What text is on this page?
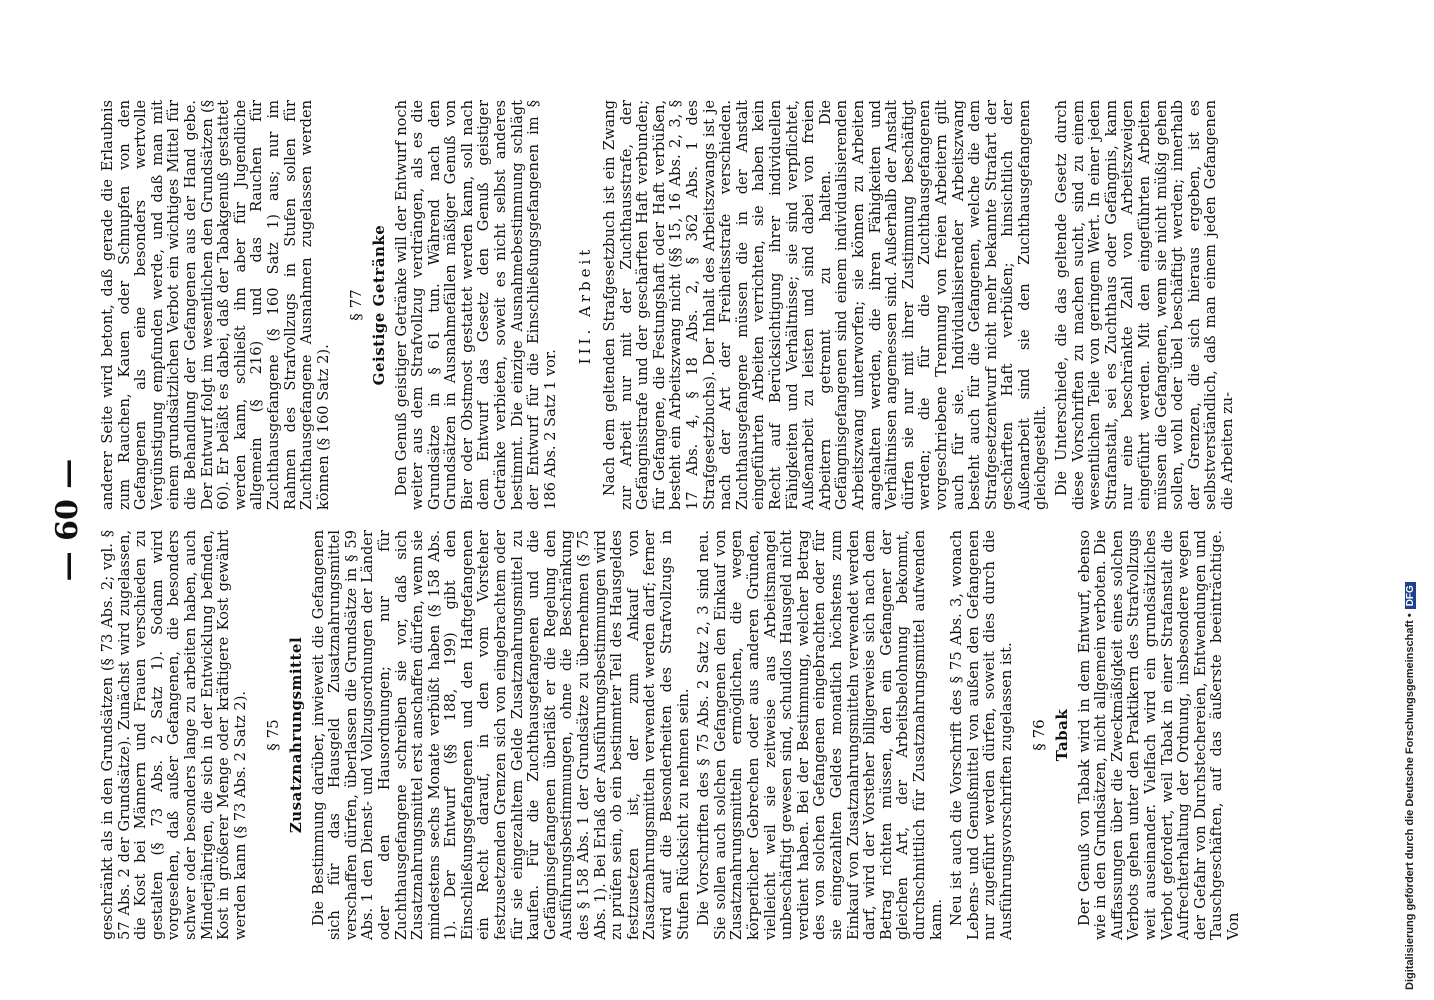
— 60 —

geschränkt als in den Grundsätzen (§ 73 Abs. 2; vgl. § 57 Abs. 2 der Grundsätze). Zunächst wird zugelassen, die Kost bei Männern und Frauen verschieden zu gestalten (§ 73 Abs. 2 Satz 1). Sodann wird vorgesehen, daß außer Gefangenen, die besonders schwer oder besonders lange zu arbeiten haben, auch Minderjährigen, die sich in der Entwicklung befinden, Kost in größerer Menge oder kräftigere Kost gewährt werden kann (§ 73 Abs. 2 Satz 2). § 75 Zusatznahrungsmittel Die Bestimmung darüber, inwieweit die Gefangenen sich für das Hausgeld Zusatznahrungsmittel verschaffen dürfen, überlassen die Grundsätze in § 59 Abs. 1 den Dienst- und Vollzugsordnungen der Länder oder den Hausordnungen; nur für Zuchthausgefangene schreiben sie vor, daß sich Zusatznahrungsmittel erst anschaffen dürfen, wenn sie mindestens sechs Monate verbüßt haben (§ 158 Abs. 1). Der Entwurf (§§ 188, 199) gibt den Einschließungsgefangenen und den Haftgefangenen ein Recht darauf, in den vom Vorsteher festzusetzenden Grenzen sich von eingebrachtem oder für sie eingezahltem Gelde Zusatznahrungsmittel zu kaufen. Für die Zuchthausgefangenen und die Gefängnisgefangenen überläßt er die Regelung den Ausführungsbestimmungen, ohne die Beschränkung des § 158 Abs. 1 der Grundsätze zu übernehmen (§ 75 Abs. 1). Bei Erlaß der Ausführungsbestimmungen wird zu prüfen sein, ob ein bestimmter Teil des Hausgeldes festzusetzen ist, der zum Ankauf von Zusatznahrungsmitteln verwendet werden darf; ferner wird auf die Besonderheiten des Strafvollzugs in Stufen Rücksicht zu nehmen sein. Die Vorschriften des § 75 Abs. 2 Satz 2, 3 sind neu. Sie sollen auch solchen Gefangenen den Einkauf von Zusatznahrungsmitteln ermöglichen, die wegen körperlicher Gebrechen oder aus anderen Gründen, vielleicht weil sie zeitweise aus Arbeitsmangel unbeschäftigt gewesen sind, schuldlos Hausgeld nicht verdient haben. Bei der Bestimmung, welcher Betrag des von solchen Gefangenen eingebrachten oder für sie eingezahlten Geldes monatlich höchstens zum Einkauf von Zusatznahrungsmitteln verwendet werden darf, wird der Vorsteher billigerweise sich nach dem Betrag richten müssen, den ein Gefangener der gleichen Art, der Arbeitsbelohnung bekommt, durchschnittlich für Zusatznahrungsmittel aufwenden kann. Neu ist auch die Vorschrift des § 75 Abs. 3, wonach Lebens- und Genußmittel von außen den Gefangenen nur zugeführt werden dürfen, soweit dies durch die Ausführungsvorschriften zugelassen ist. § 76 Tabak Der Genuß von Tabak wird in dem Entwurf, ebenso wie in den Grundsätzen, nicht allgemein verboten. Die Auffassungen über die Zweckmäßigkeit eines solchen Verbots gehen unter den Praktikern des Strafvollzugs weit auseinander. Vielfach wird ein grundsätzliches Verbot gefordert, weil Tabak in einer Strafanstalt die Aufrechterhaltung der Ordnung, insbesondere wegen der Gefahr von Durchstechereien, Entwendungen und Tauschgeschäften, auf das äußerste beeinträchtige. Von

anderer Seite wird betont, daß gerade die Erlaubnis zum Rauchen, Kauen oder Schnupfen von den Gefangenen als eine besonders wertvolle Vergünstigung empfunden werde, und daß man mit einem grundsätzlichen Verbot ein wichtiges Mittel für die Behandlung der Gefangenen aus der Hand gebe. Der Entwurf folgt im wesentlichen den Grundsätzen (§ 60). Er beläßt es dabei, daß der Tabakgenuß gestattet werden kann, schließt ihn aber für Jugendliche allgemein (§ 216) und das Rauchen für Zuchthausgefangene (§ 160 Satz 1) aus; nur im Rahmen des Strafvollzugs in Stufen sollen für Zuchthausgefangene Ausnahmen zugelassen werden können (§ 160 Satz 2).

§ 77 Geistige Getränke Den Genuß geistiger Getränke will der Entwurf noch weiter aus dem Strafvollzug verdrängen, als es die Grundsätze in § 61 tun. Während nach den Grundsätzen in Ausnahmefällen mäßiger Genuß von Bier oder Obstmost gestattet werden kann, soll nach dem Entwurf das Gesetz den Genuß geistiger Getränke verbieten, soweit es nicht selbst anderes bestimmt. Die einzige Ausnahmebestimmung schlägt der Entwurf für die Einschließungsgefangenen im § 186 Abs. 2 Satz 1 vor.

III. Arbeit Nach dem geltenden Strafgesetzbuch ist ein Zwang zur Arbeit nur mit der Zuchthausstrafe, der Gefängnisstrafe und der geschärften Haft verbunden; für Gefangene, die Festungshaft oder Haft verbüßen, besteht ein Arbeitszwang nicht (§§ 15, 16 Abs. 2, 3, § 17 Abs. 4, § 18 Abs. 2, § 362 Abs. 1 des Strafgesetzbuchs). Der Inhalt des Arbeitszwangs ist je nach der Art der Freiheitsstrafe verschieden. Zuchthausgefangene müssen die in der Anstalt eingeführten Arbeiten verrichten, sie haben kein Recht auf Berücksichtigung ihrer individuellen Fähigkeiten und Verhältnisse; sie sind verpflichtet, Außenarbeit zu leisten und sind dabei von freien Arbeitern getrennt zu halten. Die Gefängnisgefangenen sind einem individualisierenden Arbeitszwang unterworfen; sie können zu Arbeiten angehalten werden, die ihren Fähigkeiten und Verhältnissen angemessen sind. Außerhalb der Anstalt dürfen sie nur mit ihrer Zustimmung beschäftigt werden; die für die Zuchthausgefangenen vorgeschriebene Trennung von freien Arbeitern gilt auch für sie. Individualisierender Arbeitszwang besteht auch für die Gefangenen, welche die dem Strafgesetzentwurf nicht mehr bekannte Strafart der geschärften Haft verbüßen; hinsichtlich der Außenarbeit sind sie den Zuchthausgefangenen gleichgestellt. Die Unterschiede, die das geltende Gesetz durch diese Vorschriften zu machen sucht, sind zu einem wesentlichen Teile von geringem Wert. In einer jeden Strafanstalt, sei es Zuchthaus oder Gefängnis, kann nur eine beschränkte Zahl von Arbeitszweigen eingeführt werden. Mit den eingeführten Arbeiten müssen die Gefangenen, wenn sie nicht müßig gehen sollen, wohl oder übel beschäftigt werden; innerhalb der Grenzen, die sich hieraus ergeben, ist es selbstverständlich, daß man einem jeden Gefangenen die Arbeiten zu-

Digitalisierung gefördert durch die Deutsche Forschungsgemeinschaft •DFG
